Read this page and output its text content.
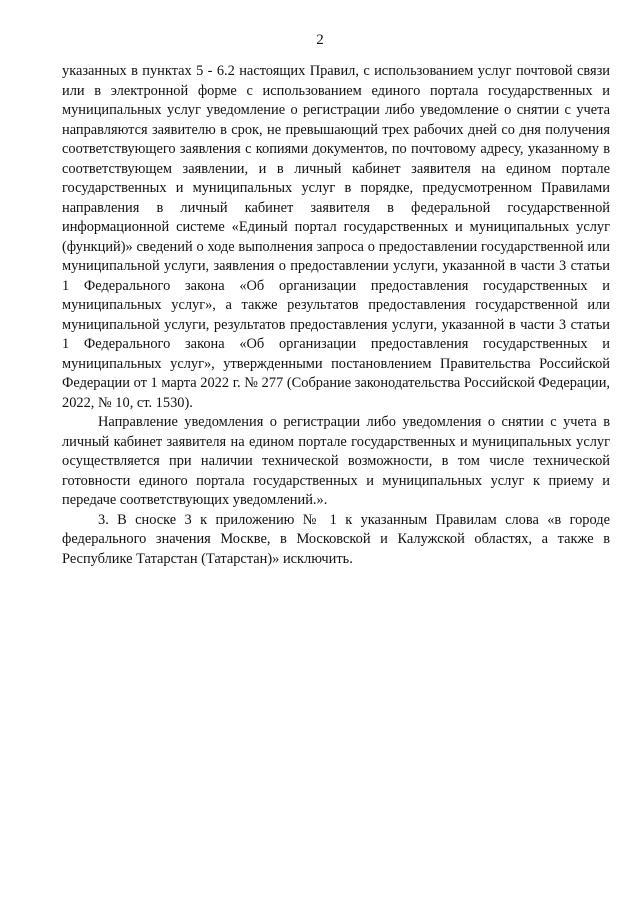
2

указанных в пунктах 5 - 6.2 настоящих Правил, с использованием услуг почтовой связи или в электронной форме с использованием единого портала государственных и муниципальных услуг уведомление о регистрации либо уведомление о снятии с учета направляются заявителю в срок, не превышающий трех рабочих дней со дня получения соответствующего заявления с копиями документов, по почтовому адресу, указанному в соответствующем заявлении, и в личный кабинет заявителя на едином портале государственных и муниципальных услуг в порядке, предусмотренном Правилами направления в личный кабинет заявителя в федеральной государственной информационной системе «Единый портал государственных и муниципальных услуг (функций)» сведений о ходе выполнения запроса о предоставлении государственной или муниципальной услуги, заявления о предоставлении услуги, указанной в части 3 статьи 1 Федерального закона «Об организации предоставления государственных и муниципальных услуг», а также результатов предоставления государственной или муниципальной услуги, результатов предоставления услуги, указанной в части 3 статьи 1 Федерального закона «Об организации предоставления государственных и муниципальных услуг», утвержденными постановлением Правительства Российской Федерации от 1 марта 2022 г. № 277 (Собрание законодательства Российской Федерации, 2022, № 10, ст. 1530).

Направление уведомления о регистрации либо уведомления о снятии с учета в личный кабинет заявителя на едином портале государственных и муниципальных услуг осуществляется при наличии технической возможности, в том числе технической готовности единого портала государственных и муниципальных услуг к приему и передаче соответствующих уведомлений.».

3. В сноске 3 к приложению № 1 к указанным Правилам слова «в городе федерального значения Москве, в Московской и Калужской областях, а также в Республике Татарстан (Татарстан)» исключить.
